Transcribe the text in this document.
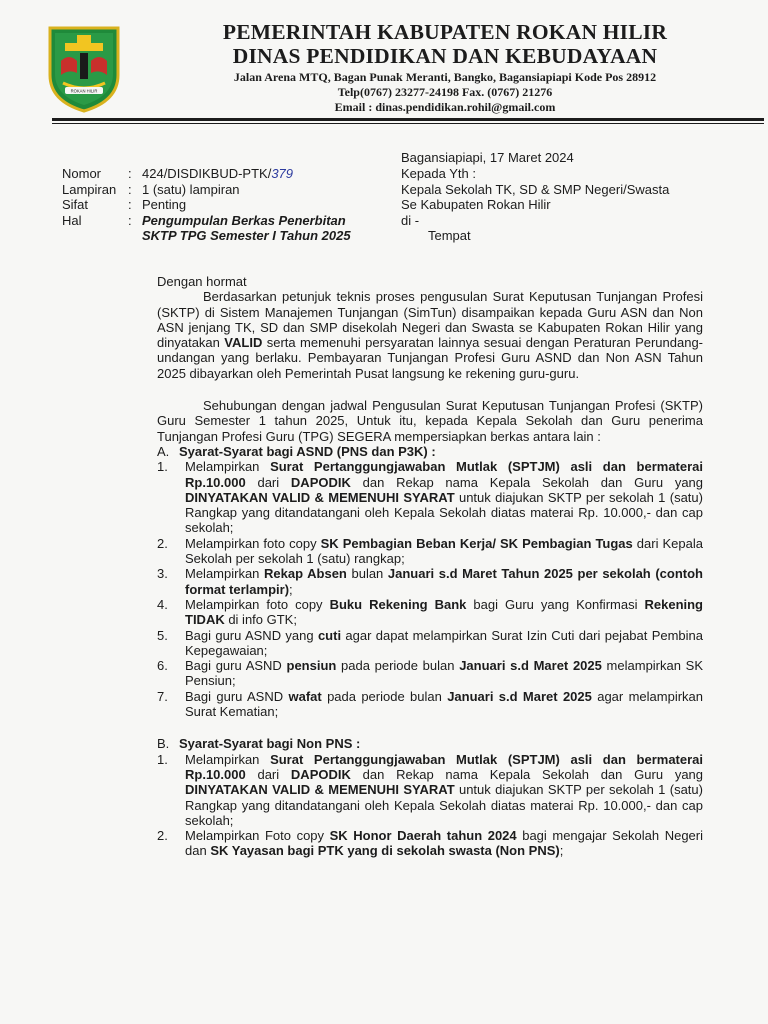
ROKAN HILIR
PEMERINTAH KABUPATEN ROKAN HILIR
DINAS PENDIDIKAN DAN KEBUDAYAAN
Jalan Arena MTQ, Bagan Punak Meranti, Bangko, Bagansiapiapi Kode Pos 28912
Telp(0767) 23277-24198 Fax. (0767) 21276
Email : dinas.pendidikan.rohil@gmail.com
Bagansiapiapi, 17 Maret 2024
Kepada Yth :
Kepala Sekolah TK, SD & SMP Negeri/Swasta
Se Kabupaten Rokan Hilir
di -
Tempat
Nomor	: 424/DISDIKBUD-PTK/379
Lampiran : 1 (satu) lampiran
Sifat	: Penting
Hal	: Pengumpulan Berkas Penerbitan
SKTP TPG Semester I Tahun 2025

Dengan hormat

Berdasarkan petunjuk teknis proses pengusulan Surat Keputusan Tunjangan Profesi (SKTP) di Sistem Manajemen Tunjangan (SimTun) disampaikan kepada Guru ASN dan Non ASN jenjang TK, SD dan SMP disekolah Negeri dan Swasta se Kabupaten Rokan Hilir yang dinyatakan VALID serta memenuhi persyaratan lainnya sesuai dengan Peraturan Perundang-undangan yang berlaku. Pembayaran Tunjangan Profesi Guru ASND dan Non ASN Tahun 2025 dibayarkan oleh Pemerintah Pusat langsung ke rekening guru-guru.

Sehubungan dengan jadwal Pengusulan Surat Keputusan Tunjangan Profesi (SKTP) Guru Semester 1 tahun 2025, Untuk itu, kepada Kepala Sekolah dan Guru penerima Tunjangan Profesi Guru (TPG) SEGERA mempersiapkan berkas antara lain :

A. Syarat-Syarat bagi ASND (PNS dan P3K) :
1.	Melampirkan Surat Pertanggungjawaban Mutlak (SPTJM) asli dan bermaterai Rp.10.000 dari DAPODIK dan Rekap nama Kepala Sekolah dan Guru yang DINYATAKAN VALID & MEMENUHI SYARAT untuk diajukan SKTP per sekolah 1 (satu) Rangkap yang ditandatangani oleh Kepala Sekolah diatas materai Rp. 10.000,- dan cap sekolah;
2.	Melampirkan foto copy SK Pembagian Beban Kerja/ SK Pembagian Tugas dari Kepala Sekolah per sekolah 1 (satu) rangkap;
3.	Melampirkan Rekap Absen bulan Januari s.d Maret Tahun 2025 per sekolah (contoh format terlampir);
4.	Melampirkan foto copy Buku Rekening Bank bagi Guru yang Konfirmasi Rekening TIDAK di info GTK;
5.	Bagi guru ASND yang cuti agar dapat melampirkan Surat Izin Cuti dari pejabat Pembina Kepegawaian;
6.	Bagi guru ASND pensiun pada periode bulan Januari s.d Maret 2025 melampirkan SK Pensiun;
7.	Bagi guru ASND wafat pada periode bulan Januari s.d Maret 2025 agar melampirkan Surat Kematian;
B. Syarat-Syarat bagi Non PNS :
1.	Melampirkan Surat Pertanggungjawaban Mutlak (SPTJM) asli dan bermaterai Rp.10.000 dari DAPODIK dan Rekap nama Kepala Sekolah dan Guru yang DINYATAKAN VALID & MEMENUHI SYARAT untuk diajukan SKTP per sekolah 1 (satu) Rangkap yang ditandatangani oleh Kepala Sekolah diatas materai Rp. 10.000,- dan cap sekolah;
2.	Melampirkan Foto copy SK Honor Daerah tahun 2024 bagi mengajar Sekolah Negeri dan SK Yayasan bagi PTK yang di sekolah swasta (Non PNS);
